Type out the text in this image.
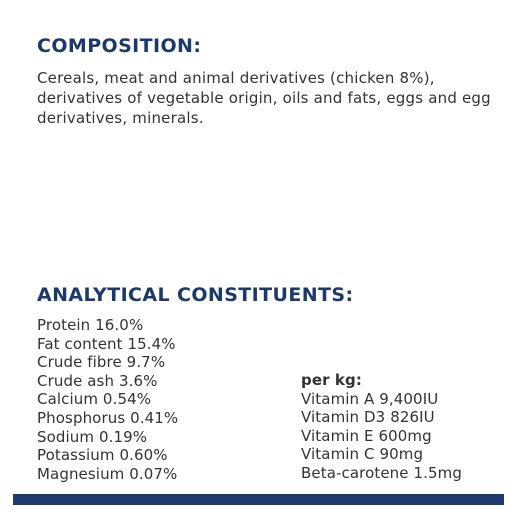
COMPOSITION:

Cereals, meat and animal derivatives (chicken 8%), derivatives of vegetable origin, oils and fats, eggs and egg derivatives, minerals.

ANALYTICAL CONSTITUENTS:
Protein 16.0%
Fat content 15.4%
Crude fibre 9.7%
Crude ash 3.6%
Calcium 0.54%
Phosphorus 0.41%
Sodium 0.19%
Potassium 0.60%
Magnesium 0.07%
per kg:
Vitamin A 9,400IU
Vitamin D3 826IU
Vitamin E 600mg
Vitamin C 90mg
Beta-carotene 1.5mg
